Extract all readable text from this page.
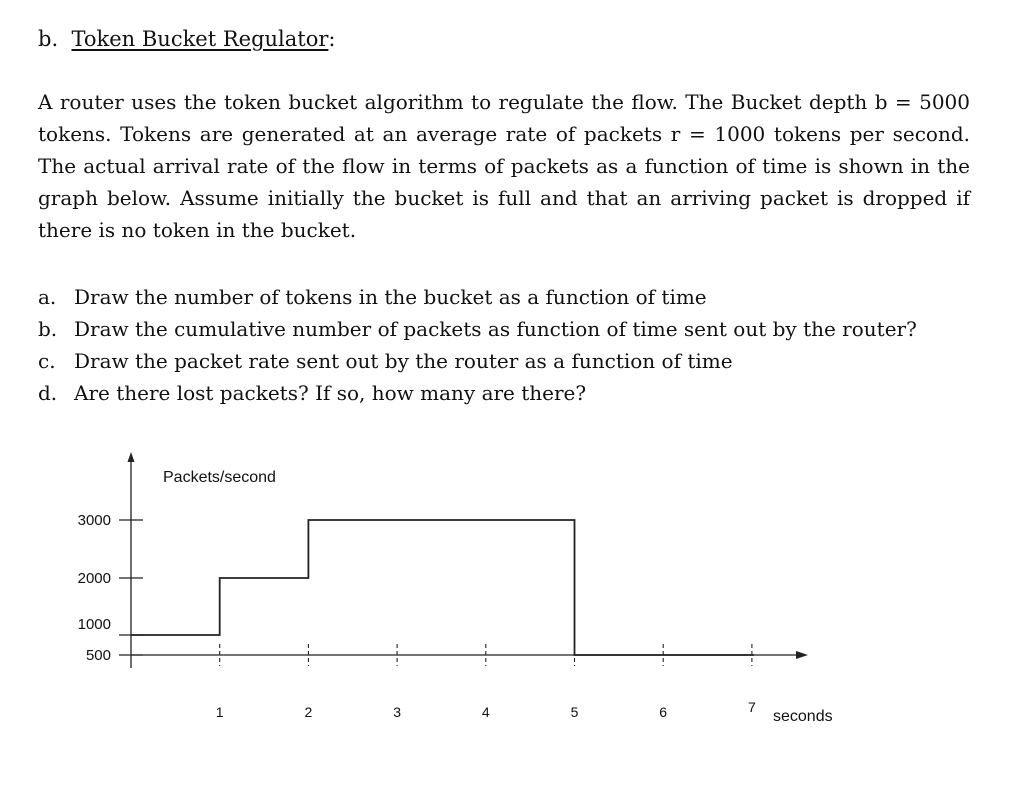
b. Token Bucket Regulator:
A router uses the token bucket algorithm to regulate the flow. The Bucket depth b = 5000 tokens. Tokens are generated at an average rate of packets r = 1000 tokens per second. The actual arrival rate of the flow in terms of packets as a function of time is shown in the graph below. Assume initially the bucket is full and that an arriving packet is dropped if there is no token in the bucket.
a. Draw the number of tokens in the bucket as a function of time
b. Draw the cumulative number of packets as function of time sent out by the router?
c. Draw the packet rate sent out by the router as a function of time
d. Are there lost packets? If so, how many are there?
500
1000
2000
3000
1	2	3	4	5	6	7
Packets/second
seconds
